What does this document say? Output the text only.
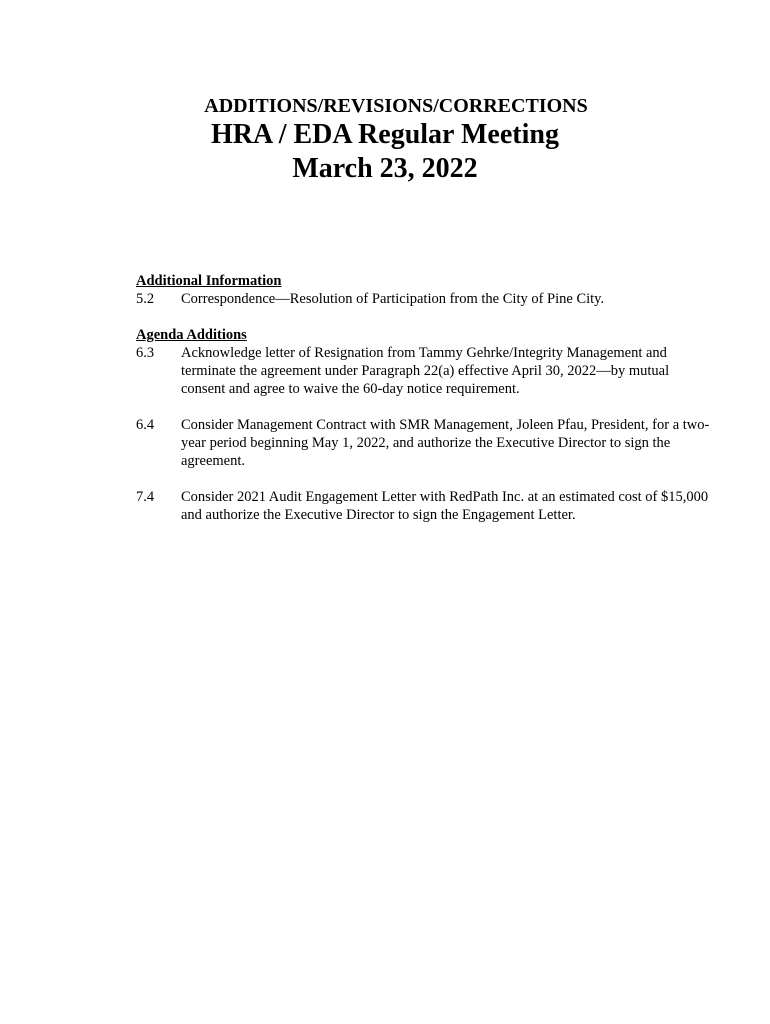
ADDITIONS/REVISIONS/CORRECTIONS

HRA / EDA Regular Meeting

March 23, 2022

Additional Information

5.2	Correspondence—Resolution of Participation from the City of Pine City.

Agenda Additions

6.3	Acknowledge letter of Resignation from Tammy Gehrke/Integrity Management and terminate the agreement under Paragraph 22(a) effective April 30, 2022—by mutual consent and agree to waive the 60-day notice requirement.
6.4	Consider Management Contract with SMR Management, Joleen Pfau, President, for a two-year period beginning May 1, 2022, and authorize the Executive Director to sign the agreement.
7.4	Consider 2021 Audit Engagement Letter with RedPath Inc. at an estimated cost of $15,000 and authorize the Executive Director to sign the Engagement Letter.
